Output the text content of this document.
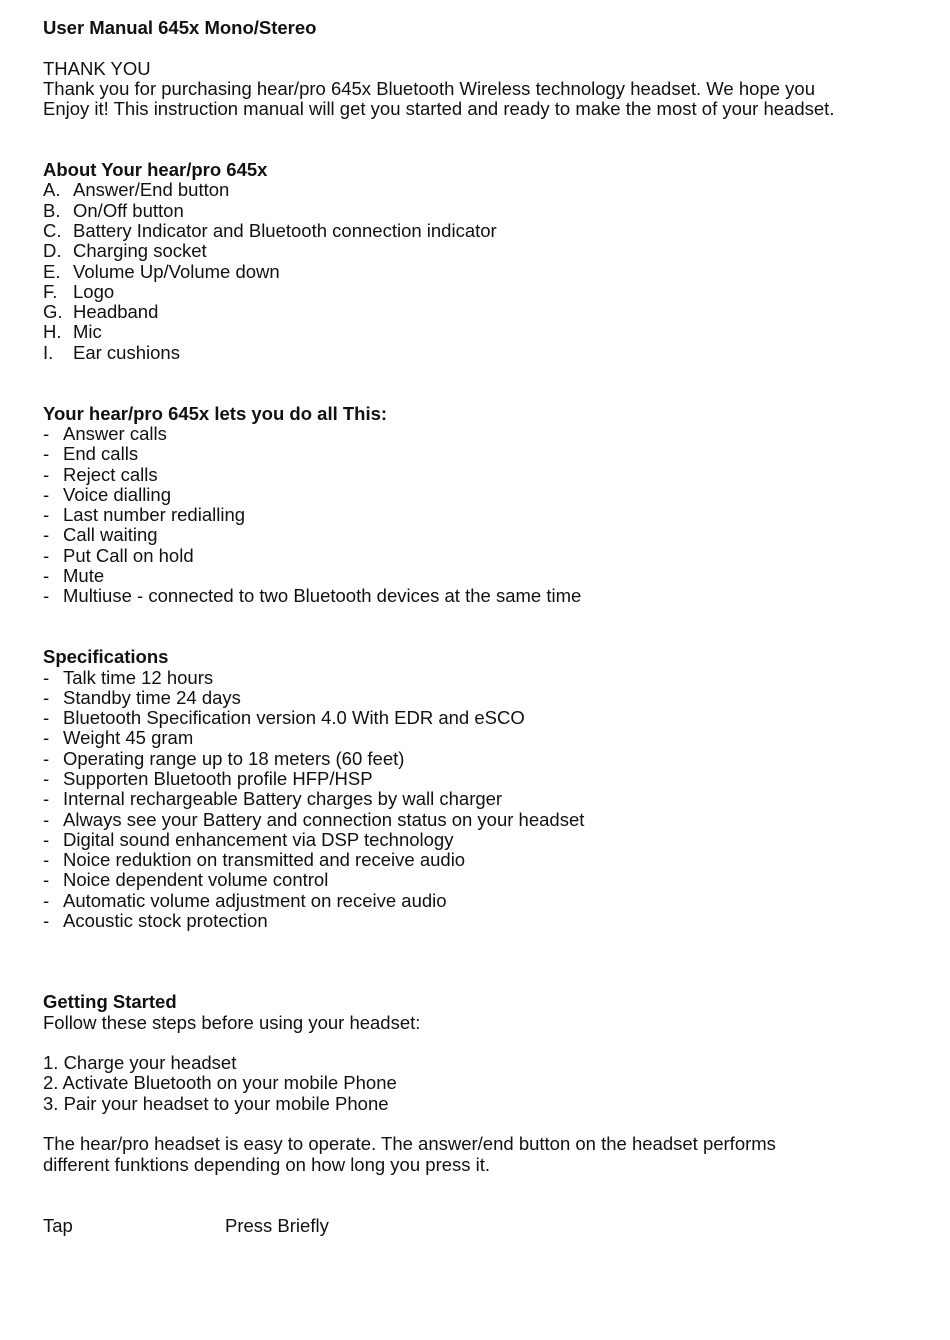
User Manual 645x Mono/Stereo
THANK YOU
Thank you for purchasing hear/pro 645x Bluetooth Wireless technology headset. We hope you
Enjoy it! This instruction manual will get you started and ready to make the most of your headset.
About Your hear/pro 645x
A. Answer/End button
B. On/Off button
C. Battery Indicator and Bluetooth connection indicator
D. Charging socket
E. Volume Up/Volume down
F. Logo
G. Headband
H. Mic
I.	Ear cushions
Your hear/pro 645x lets you do all This:
- Answer calls
- End calls
- Reject calls
- Voice dialling
- Last number redialling
- Call waiting
- Put Call on hold
- Mute
- Multiuse - connected to two Bluetooth devices at the same time
Specifications
- Talk time 12 hours
- Standby time 24 days
- Bluetooth Specification version 4.0 With EDR and eSCO
- Weight 45 gram
- Operating range up to 18 meters (60 feet)
- Supporten Bluetooth profile HFP/HSP
- Internal rechargeable Battery charges by wall charger
- Always see your Battery and connection status on your headset
- Digital sound enhancement via DSP technology
- Noice reduktion on transmitted and receive audio
- Noice dependent volume control
- Automatic volume adjustment on receive audio
- Acoustic stock protection
Getting Started
Follow these steps before using your headset:
1. Charge your headset
2. Activate Bluetooth on your mobile Phone
3. Pair your headset to your mobile Phone
The hear/pro headset is easy to operate. The answer/end button on the headset performs
different funktions depending on how long you press it.
Tap	Press Briefly
